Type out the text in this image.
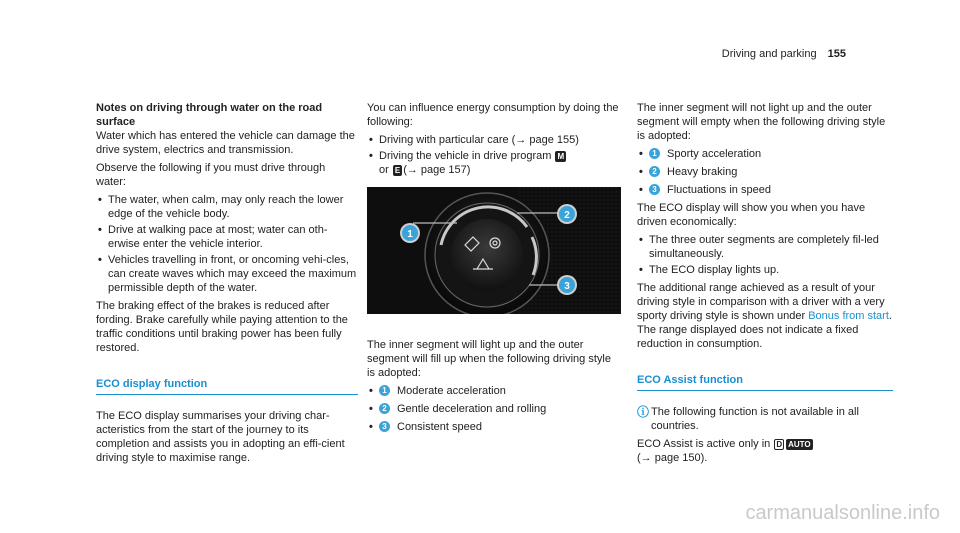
Driving and parking 155

Notes on driving through water on the road
surface

Water which has entered the vehicle can damage the drive system, electrics and transmission.

Observe the following if you must drive through water:

• The water, when calm, may only reach the lower edge of the vehicle body.
• Drive at walking pace at most; water can oth-erwise enter the vehicle interior.
• Vehicles travelling in front, or oncoming vehi-cles, can create waves which may exceed the maximum permissible depth of the water.

The braking effect of the brakes is reduced after fording. Brake carefully while paying attention to the traffic conditions until braking power has been fully restored.

ECO display function

The ECO display summarises your driving char-acteristics from the start of the journey to its completion and assists you in adopting an effi-cient driving style to maximise range.

You can influence energy consumption by doing the following:

• Driving with particular care (→ page 155)
• Driving the vehicle in drive program M
or E (→ page 157)
1
2
3

The inner segment will light up and the outer segment will fill up when the following driving style is adopted:

• 1 Moderate acceleration
• 2 Gentle deceleration and rolling
• 3 Consistent speed

The inner segment will not light up and the outer segment will empty when the following driving style is adopted:

• 1 Sporty acceleration
• 2 Heavy braking
• 3 Fluctuations in speed

The ECO display will show you when you have driven economically:

• The three outer segments are completely fil-led simultaneously.
• The ECO display lights up.

The additional range achieved as a result of your driving style in comparison with a driver with a very sporty driving style is shown under Bonus from start. The range displayed does not indicate a fixed reduction in consumption.

ECO Assist function

ⓘ The following function is not available in all countries.

ECO Assist is active only in D AUTO
(→ page 150).

carmanualsonline.info
